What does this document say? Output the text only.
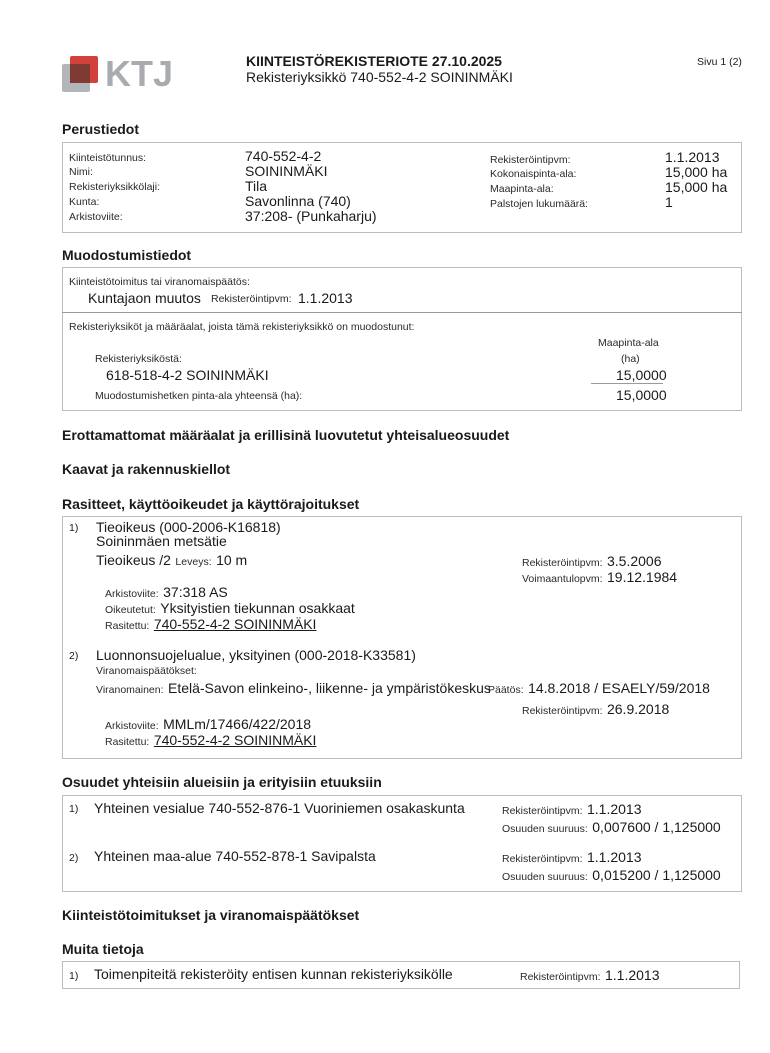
KTJ	KIINTEISTÖREKISTERIOTE 27.10.2025
Rekisteriyksikkö 740-552-4-2 SOININMÄKI
Sivu 1 (2)
Perustiedot
Kiinteistötunnus:	740-552-4-2
Nimi:	SOININMÄKI
Rekisteriyksikkölaji:	Tila
Kunta:	Savonlinna (740)
Arkistoviite:	37:208- (Punkaharju)
Rekisteröintipvm:	1.1.2013
Kokonaispinta-ala:	15,000 ha
Maapinta-ala:	15,000 ha
Palstojen lukumäärä:	1
Muodostumistiedot
Kiinteistötoimitus tai viranomaispäätös:
Kuntajaon muutos Rekisteröintipvm: 1.1.2013
Rekisteriyksiköt ja määräalat, joista tämä rekisteriyksikkö on muodostunut:
Maapinta-ala
(ha)
Rekisteriyksiköstä:
618-518-4-2 SOININMÄKI	15,0000
Muodostumishetken pinta-ala yhteensä (ha):	15,0000
Erottamattomat määräalat ja erillisinä luovutetut yhteisalueosuudet
Kaavat ja rakennuskiellot
Rasitteet, käyttöoikeudet ja käyttörajoitukset
1) Tieoikeus (000-2006-K16818)
Soininmäen metsätie
Tieoikeus /2 Leveys: 10 m	Rekisteröintipvm: 3.5.2006
Voimaantulopvm: 19.12.1984
Arkistoviite: 37:318 AS
Oikeutetut: Yksityistien tiekunnan osakkaat
Rasitettu: 740-552-4-2 SOININMÄKI
2) Luonnonsuojelualue, yksityinen (000-2018-K33581)
Viranomaispäätökset:
Viranomainen: Etelä-Savon elinkeino-, liikenne- ja ympäristökeskus
Päätös: 14.8.2018 / ESAELY/59/2018
Rekisteröintipvm: 26.9.2018
Arkistoviite: MMLm/17466/422/2018
Rasitettu: 740-552-4-2 SOININMÄKI
Osuudet yhteisiin alueisiin ja erityisiin etuuksiin
1) Yhteinen vesialue 740-552-876-1 Vuoriniemen osakaskunta	Rekisteröintipvm: 1.1.2013
Osuuden suuruus: 0,007600 / 1,125000
2) Yhteinen maa-alue 740-552-878-1 Savipalsta	Rekisteröintipvm: 1.1.2013
Osuuden suuruus: 0,015200 / 1,125000
Kiinteistötoimitukset ja viranomaispäätökset
Muita tietoja
1) Toimenpiteitä rekisteröity entisen kunnan rekisteriyksikölle	Rekisteröintipvm: 1.1.2013
